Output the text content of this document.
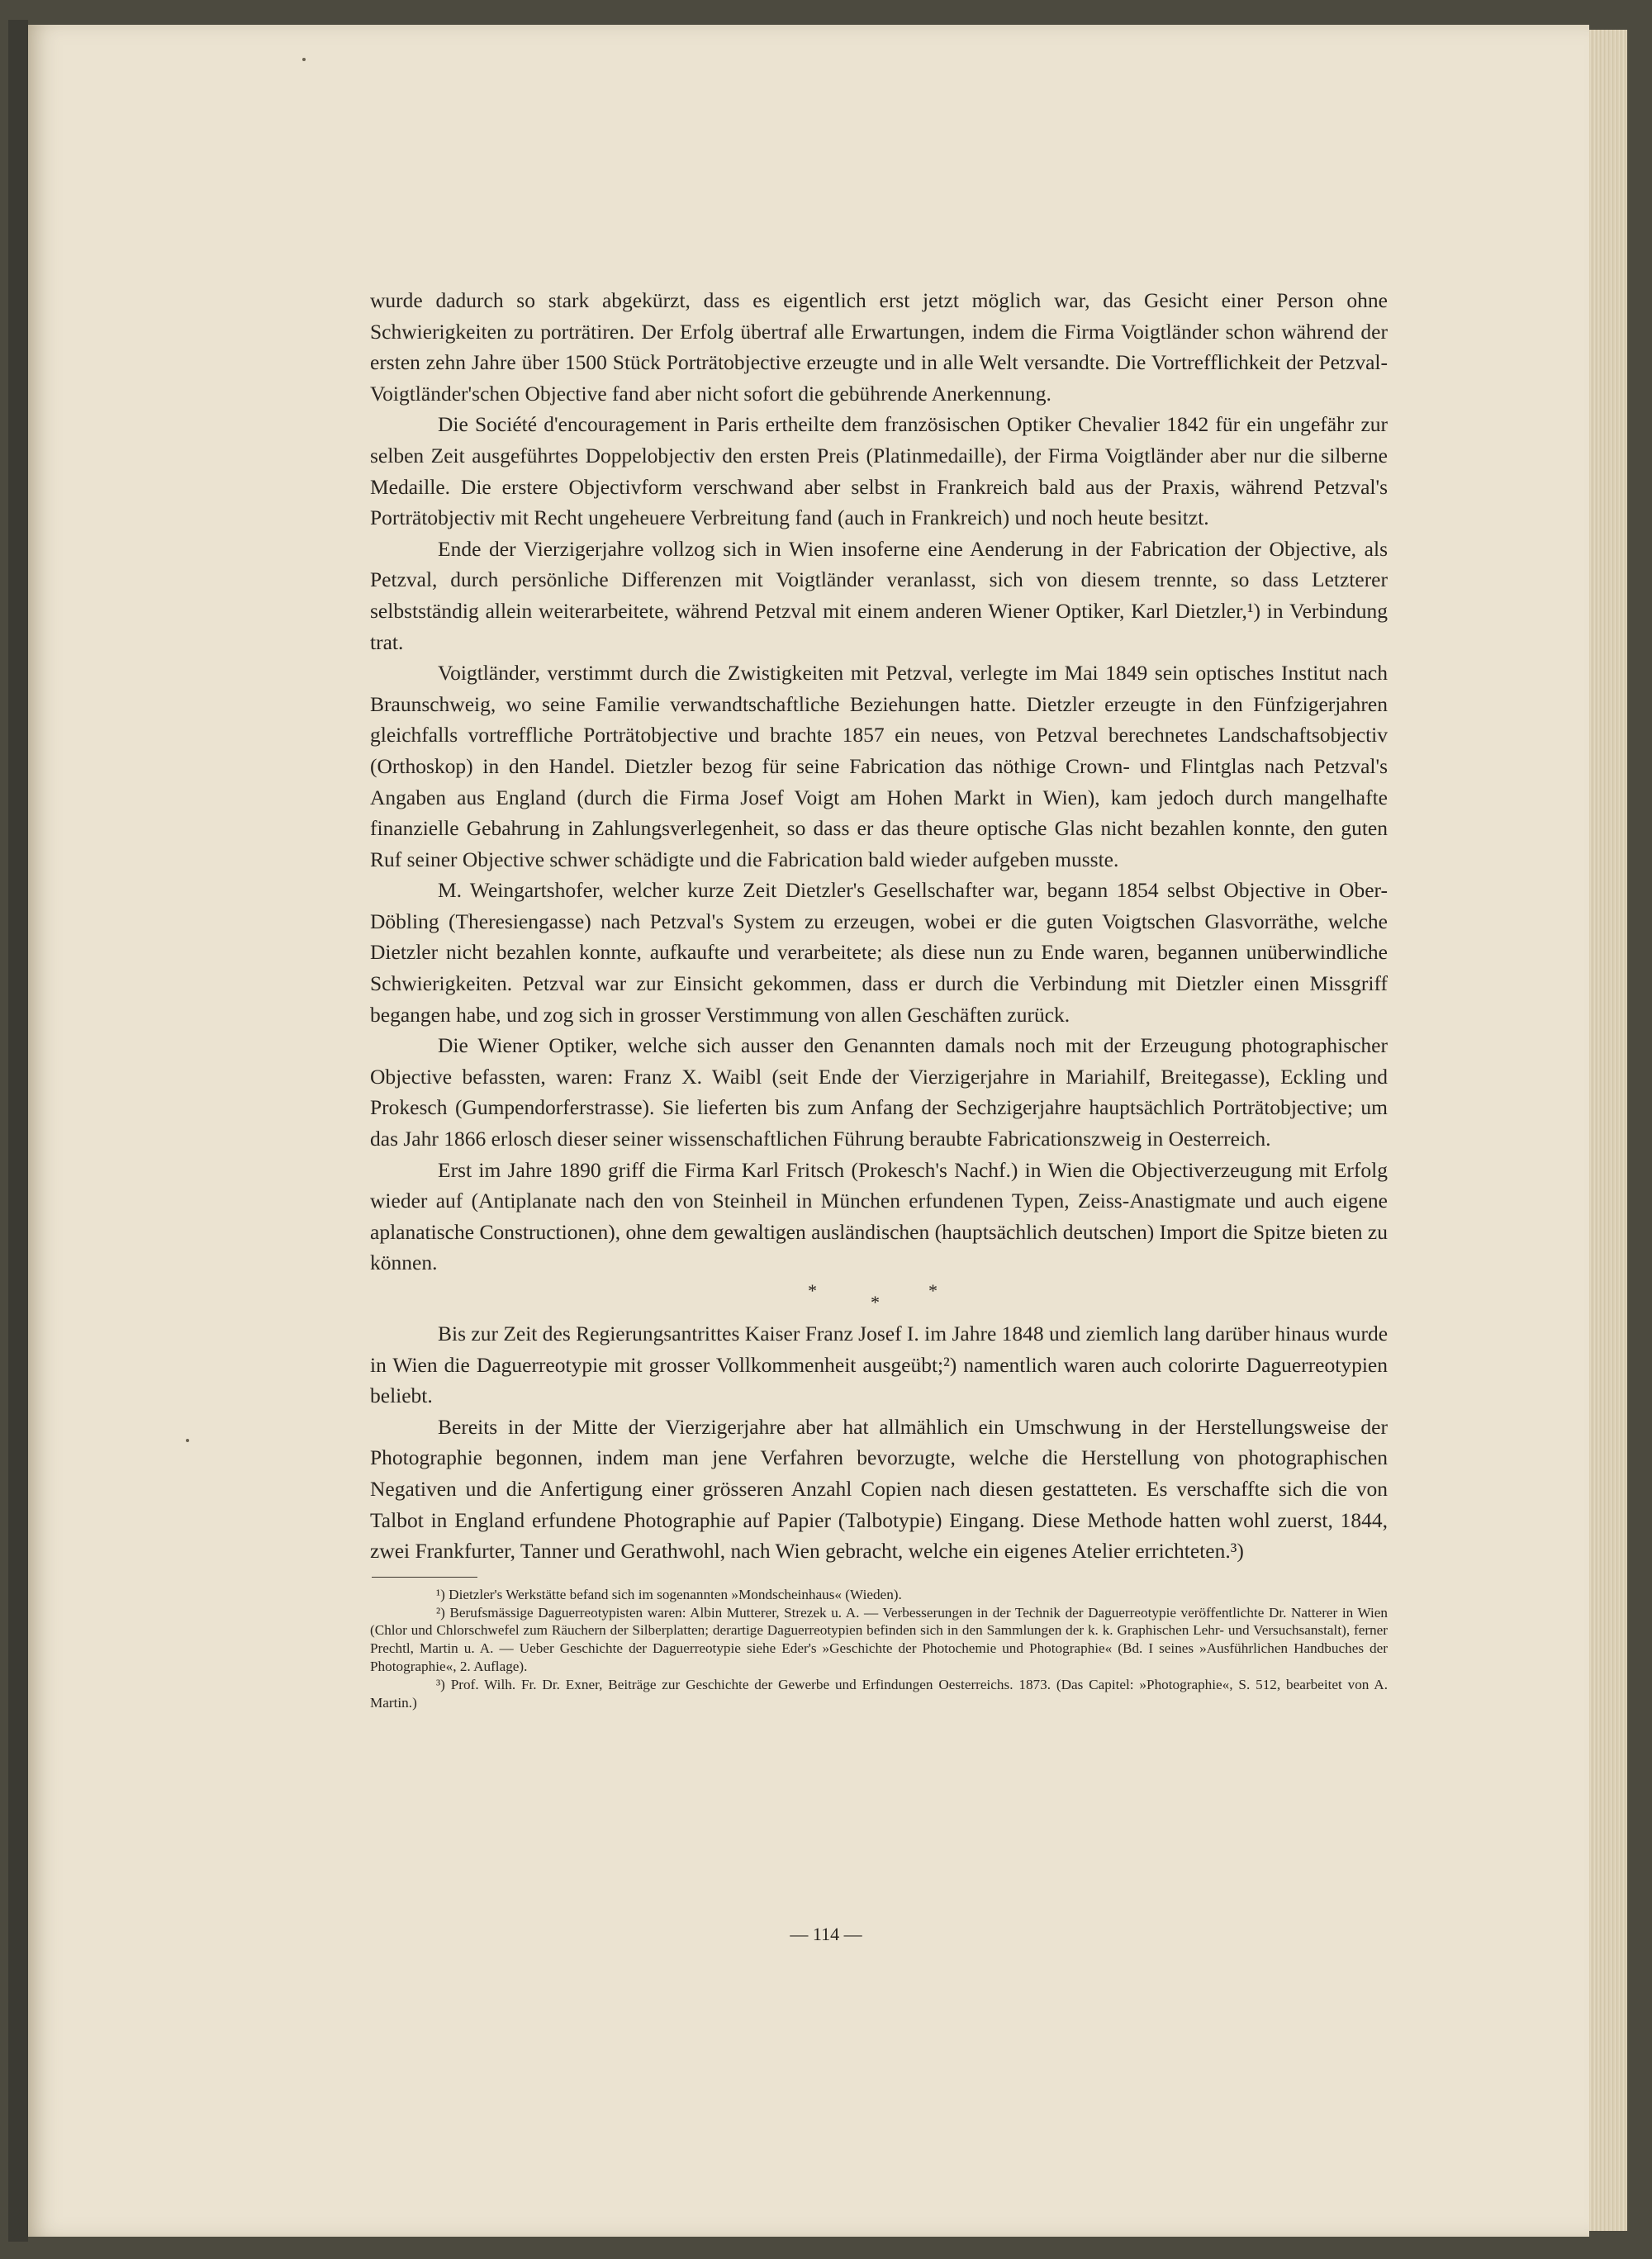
wurde dadurch so stark abgekürzt, dass es eigentlich erst jetzt möglich war, das Gesicht einer Person ohne Schwierigkeiten zu porträtiren. Der Erfolg übertraf alle Erwartungen, indem die Firma Voigtländer schon während der ersten zehn Jahre über 1500 Stück Porträtobjective erzeugte und in alle Welt versandte. Die Vortrefflichkeit der Petzval-Voigtländer'schen Objective fand aber nicht sofort die gebührende Anerkennung.

Die Société d'encouragement in Paris ertheilte dem französischen Optiker Chevalier 1842 für ein ungefähr zur selben Zeit ausgeführtes Doppelobjectiv den ersten Preis (Platinmedaille), der Firma Voigtländer aber nur die silberne Medaille. Die erstere Objectivform verschwand aber selbst in Frankreich bald aus der Praxis, während Petzval's Porträtobjectiv mit Recht ungeheuere Verbreitung fand (auch in Frankreich) und noch heute besitzt.

Ende der Vierzigerjahre vollzog sich in Wien insoferne eine Aenderung in der Fabrication der Objective, als Petzval, durch persönliche Differenzen mit Voigtländer veranlasst, sich von diesem trennte, so dass Letzterer selbstständig allein weiterarbeitete, während Petzval mit einem anderen Wiener Optiker, Karl Dietzler,¹) in Verbindung trat.

Voigtländer, verstimmt durch die Zwistigkeiten mit Petzval, verlegte im Mai 1849 sein optisches Institut nach Braunschweig, wo seine Familie verwandtschaftliche Beziehungen hatte. Dietzler erzeugte in den Fünfzigerjahren gleichfalls vortreffliche Porträtobjective und brachte 1857 ein neues, von Petzval berechnetes Landschaftsobjectiv (Orthoskop) in den Handel. Dietzler bezog für seine Fabrication das nöthige Crown- und Flintglas nach Petzval's Angaben aus England (durch die Firma Josef Voigt am Hohen Markt in Wien), kam jedoch durch mangelhafte finanzielle Gebahrung in Zahlungsverlegenheit, so dass er das theure optische Glas nicht bezahlen konnte, den guten Ruf seiner Objective schwer schädigte und die Fabrication bald wieder aufgeben musste.

M. Weingartshofer, welcher kurze Zeit Dietzler's Gesellschafter war, begann 1854 selbst Objective in Ober-Döbling (Theresiengasse) nach Petzval's System zu erzeugen, wobei er die guten Voigtschen Glasvorräthe, welche Dietzler nicht bezahlen konnte, aufkaufte und verarbeitete; als diese nun zu Ende waren, begannen unüberwindliche Schwierigkeiten. Petzval war zur Einsicht gekommen, dass er durch die Verbindung mit Dietzler einen Missgriff begangen habe, und zog sich in grosser Verstimmung von allen Geschäften zurück.

Die Wiener Optiker, welche sich ausser den Genannten damals noch mit der Erzeugung photographischer Objective befassten, waren: Franz X. Waibl (seit Ende der Vierzigerjahre in Mariahilf, Breitegasse), Eckling und Prokesch (Gumpendorferstrasse). Sie lieferten bis zum Anfang der Sechzigerjahre hauptsächlich Porträtobjective; um das Jahr 1866 erlosch dieser seiner wissenschaftlichen Führung beraubte Fabricationszweig in Oesterreich.

Erst im Jahre 1890 griff die Firma Karl Fritsch (Prokesch's Nachf.) in Wien die Objectiverzeugung mit Erfolg wieder auf (Antiplanate nach den von Steinheil in München erfundenen Typen, Zeiss-Anastigmate und auch eigene aplanatische Constructionen), ohne dem gewaltigen ausländischen (hauptsächlich deutschen) Import die Spitze bieten zu können.

*
*
*

Bis zur Zeit des Regierungsantrittes Kaiser Franz Josef I. im Jahre 1848 und ziemlich lang darüber hinaus wurde in Wien die Daguerreotypie mit grosser Vollkommenheit ausgeübt;²) namentlich waren auch colorirte Daguerreotypien beliebt.

Bereits in der Mitte der Vierzigerjahre aber hat allmählich ein Umschwung in der Herstellungsweise der Photographie begonnen, indem man jene Verfahren bevorzugte, welche die Herstellung von photographischen Negativen und die Anfertigung einer grösseren Anzahl Copien nach diesen gestatteten. Es verschaffte sich die von Talbot in England erfundene Photographie auf Papier (Talbotypie) Eingang. Diese Methode hatten wohl zuerst, 1844, zwei Frankfurter, Tanner und Gerathwohl, nach Wien gebracht, welche ein eigenes Atelier errichteten.³)

¹) Dietzler's Werkstätte befand sich im sogenannten »Mondscheinhaus« (Wieden).

²) Berufsmässige Daguerreotypisten waren: Albin Mutterer, Strezek u. A. — Verbesserungen in der Technik der Daguerreotypie veröffentlichte Dr. Natterer in Wien (Chlor und Chlorschwefel zum Räuchern der Silberplatten; derartige Daguerreotypien befinden sich in den Sammlungen der k. k. Graphischen Lehr- und Versuchsanstalt), ferner Prechtl, Martin u. A. — Ueber Geschichte der Daguerreotypie siehe Eder's »Geschichte der Photochemie und Photographie« (Bd. I seines »Ausführlichen Handbuches der Photographie«, 2. Auflage).

³) Prof. Wilh. Fr. Dr. Exner, Beiträge zur Geschichte der Gewerbe und Erfindungen Oesterreichs. 1873. (Das Capitel: »Photographie«, S. 512, bearbeitet von A. Martin.)

— 114 —
